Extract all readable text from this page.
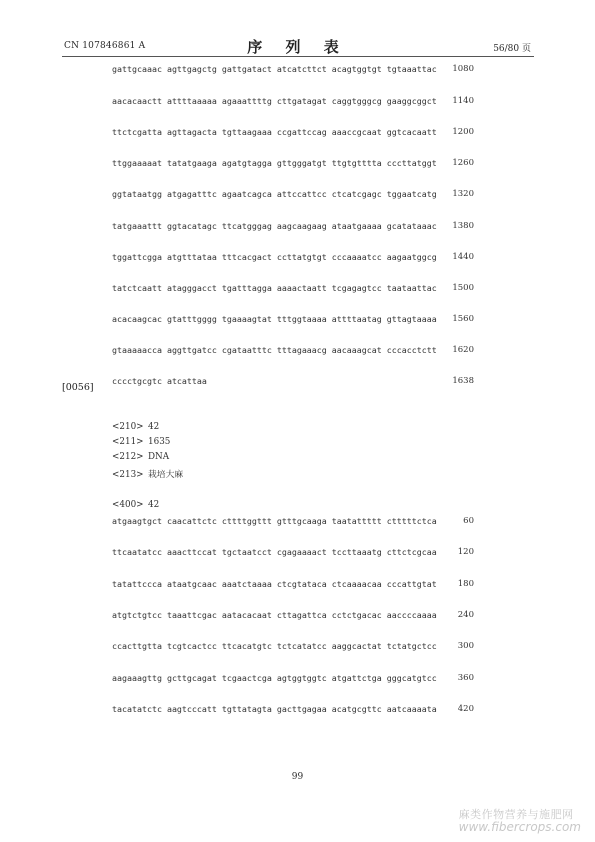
CN 107846861 A	序 列 表	56/80 页
gattgcaaac agttgagctg gattgatact atcatcttct acagtggtgt tgtaaattac 1080
aacacaactt attttaaaaa agaaattttg cttgatagat caggtgggcg gaaggcggct 1140
ttctcgatta agttagacta tgttaagaaa ccgattccag aaaccgcaat ggtcacaatt 1200
ttggaaaaat tatatgaaga agatgtagga gttgggatgt ttgtgtttta cccttatggt 1260
ggtataatgg atgagatttc agaatcagca attccattcc ctcatcgagc tggaatcatg 1320
tatgaaattt ggtacatagc ttcatgggag aagcaagaag ataatgaaaa gcatataaac 1380
tggattcgga atgtttataa tttcacgact ccttatgtgt cccaaaatcc aagaatggcg 1440
tatctcaatt atagggacct tgatttagga aaaactaatt tcgagagtcc taataattac 1500
acacaagcac gtatttgggg tgaaaagtat tttggtaaaa attttaatag gttagtaaaa 1560
gtaaaaacca aggttgatcc cgataatttc tttagaaacg aacaaagcat cccacctctt 1620
cccctgcgtc atcattaa	1638
[0056]
<210> 42
<211> 1635
<212> DNA
<213> 栽培大麻
<400> 42
atgaagtgct caacattctc cttttggttt gtttgcaaga taatattttt ctttttctca	60
ttcaatatcc aaacttccat tgctaatcct cgagaaaact tccttaaatg cttctcgcaa 120
tatattccca ataatgcaac aaatctaaaa ctcgtataca ctcaaaacaa cccattgtat 180
atgtctgtcc taaattcgac aatacacaat cttagattca cctctgacac aaccccaaaa 240
ccacttgtta tcgtcactcc ttcacatgtc tctcatatcc aaggcactat tctatgctcc 300
aagaaagttg gcttgcagat tcgaactcga agtggtggtc atgattctga gggcatgtcc 360
tacatatctc aagtcccatt tgttatagta gacttgagaa acatgcgttc aatcaaaata 420
99
麻类作物营养与施肥网
www.fibercrops.com
